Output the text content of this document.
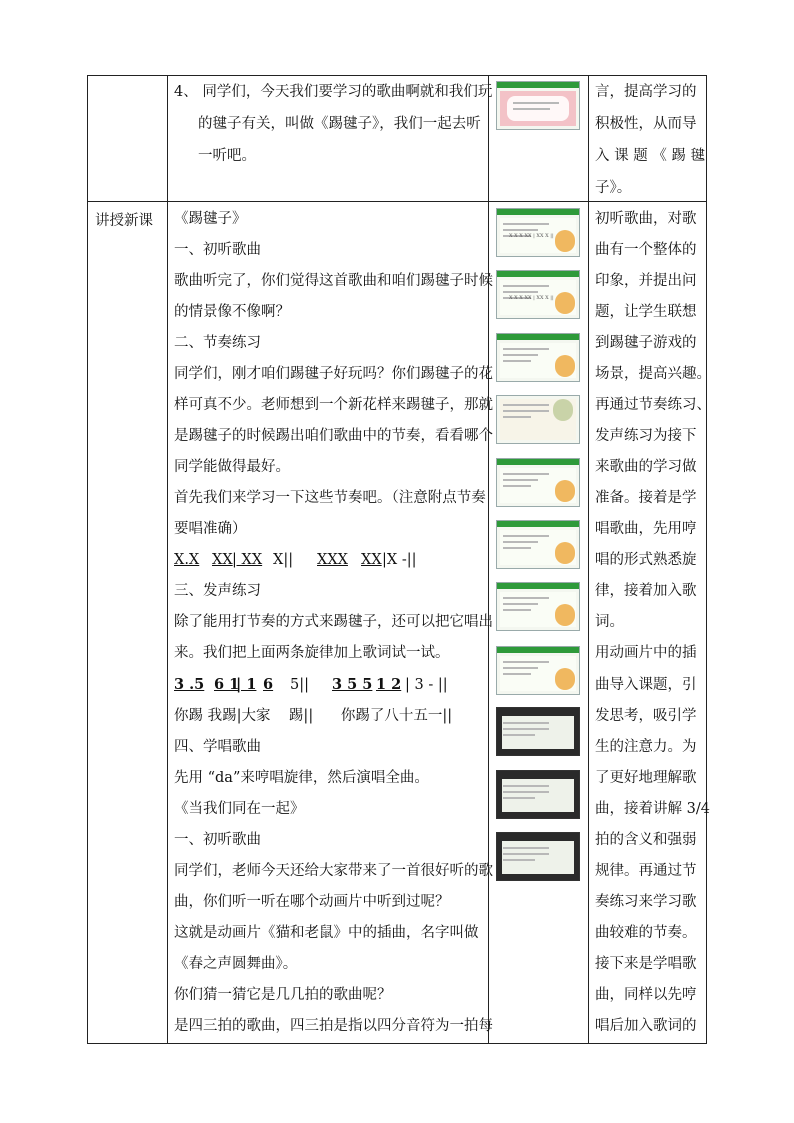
4、 同学们，今天我们要学习的歌曲啊就和我们玩
的毽子有关，叫做《踢毽子》，我们一起去听
一听吧。
言，提高学习的
积极性，从而导
入 课 题 《 踢 毽
子》。
讲授新课 《踢毽子》
一、初听歌曲
歌曲听完了，你们觉得这首歌曲和咱们踢毽子时候
的情景像不像啊？
二、节奏练习
同学们，刚才咱们踢毽子好玩吗？你们踢毽子的花
样可真不少。老师想到一个新花样来踢毽子，那就
是踢毽子的时候踢出咱们歌曲中的节奏，看看哪个
同学能做得最好。
首先我们来学习一下这些节奏吧。（注意附点节奏
要唱准确）
X.X XX | XX X|| XXX XX |X -||
三、发声练习
除了能用打节奏的方式来踢毽子，还可以把它唱出
来。我们把上面两条旋律加上歌词试一试。
3 .5 6 1
| 1 6 5|| 3 5 5 1 2 | 3 - ||
你踢 我踢|大家    踢||      你踢了八十五一||
四、学唱歌曲
先用 “da”来哼唱旋律，然后演唱全曲。
《当我们同在一起》
一、初听歌曲
同学们，老师今天还给大家带来了一首很好听的歌
曲，你们听一听在哪个动画片中听到过呢？
这就是动画片《猫和老鼠》中的插曲，名字叫做
《春之声圆舞曲》。
你们猜一猜它是几几拍的歌曲呢？
是四三拍的歌曲，四三拍是指以四分音符为一拍每
初听歌曲，对歌
曲有一个整体的
印象，并提出问
题，让学生联想
到踢毽子游戏的
场景，提高兴趣。
再通过节奏练习、
发声练习为接下
来歌曲的学习做
准备。接着是学
唱歌曲，先用哼
唱的形式熟悉旋
律，接着加入歌
词。
用动画片中的插
曲导入课题，引
发思考，吸引学
生的注意力。为
了更好地理解歌
曲，接着讲解 3/4
拍的含义和强弱
规律。再通过节
奏练习来学习歌
曲较难的节奏。
接下来是学唱歌
曲，同样以先哼
唱后加入歌词的
X X X XX | XX X ||
X X X XX | XX X ||
